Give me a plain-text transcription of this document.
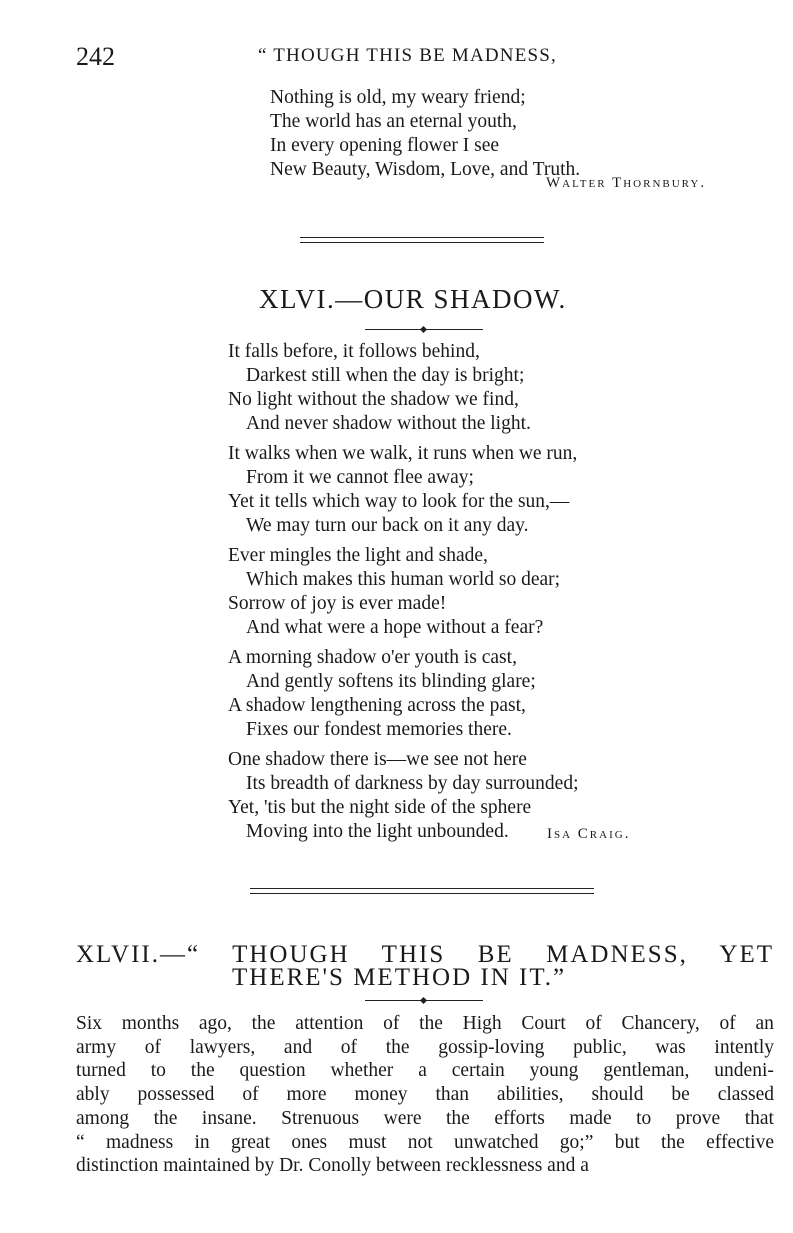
242	“ THOUGH THIS BE MADNESS,
Nothing is old, my weary friend;
The world has an eternal youth,
In every opening flower I see
New Beauty, Wisdom, Love, and Truth.
Walter Thornbury.
XLVI.—OUR SHADOW.
It falls before, it follows behind,
Darkest still when the day is bright;
No light without the shadow we find,
And never shadow without the light.
It walks when we walk, it runs when we run,
From it we cannot flee away;
Yet it tells which way to look for the sun,—
We may turn our back on it any day.
Ever mingles the light and shade,
Which makes this human world so dear;
Sorrow of joy is ever made!
And what were a hope without a fear?
A morning shadow o'er youth is cast,
And gently softens its blinding glare;
A shadow lengthening across the past,
Fixes our fondest memories there.
One shadow there is—we see not here
Its breadth of darkness by day surrounded;
Yet, 'tis but the night side of the sphere
Moving into the light unbounded.	Isa Craig.
XLVII.—“ THOUGH THIS BE MADNESS, YET
THERE'S METHOD IN IT.”
Six months ago, the attention of the High Court of Chancery, of an
army of lawyers, and of the gossip-loving public, was intently
turned to the question whether a certain young gentleman, undeni-
ably possessed of more money than abilities, should be classed
among the insane. Strenuous were the efforts made to prove that
“ madness in great ones must not unwatched go;” but the effective
distinction maintained by Dr. Conolly between recklessness and a
